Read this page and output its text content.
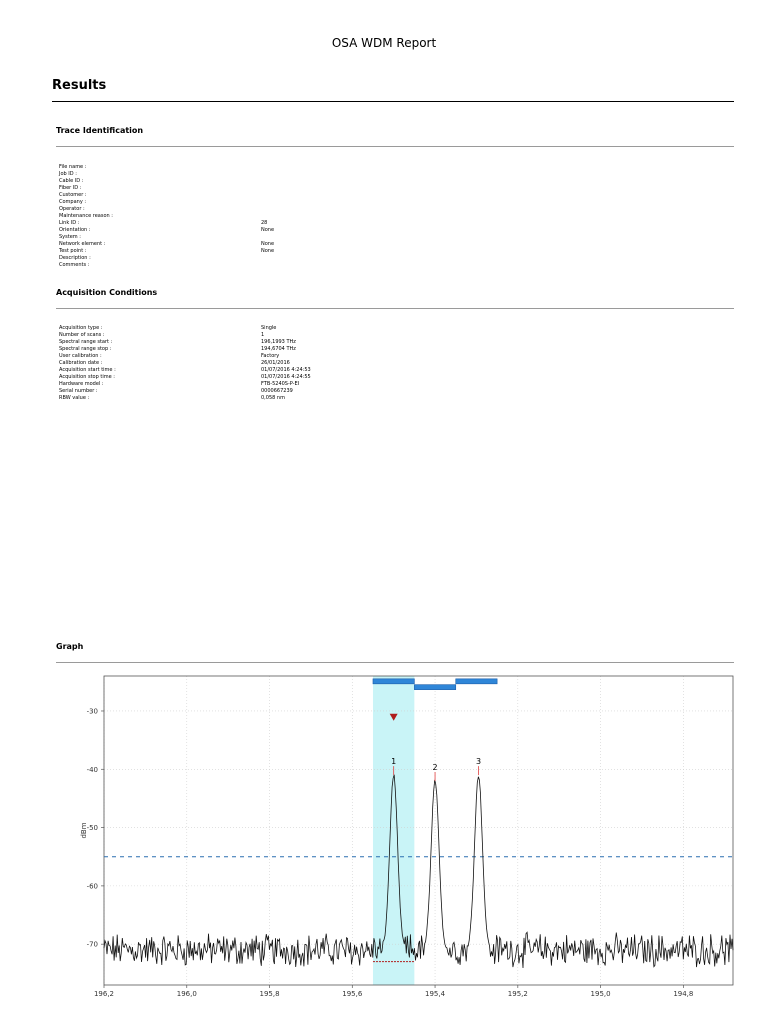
OSA WDM Report
Results
Trace Identification
File name :
Job ID :
Cable ID :
Fiber ID :
Customer :
Company :
Operator :
Maintenance reason :
Link ID :	28
Orientation :	None
System :
Network element :	None
Test point :	None
Description :
Comments :
Acquisition Conditions
Acquisition type :	Single
Number of scans :	1
Spectral range start :	196,1993 THz
Spectral range stop :	194,6704 THz
User calibration :	Factory
Calibration date :	26/01/2016
Acquisition start time :	01/07/2016 4:24:53
Acquisition stop time :	01/07/2016 4:24:55
Hardware model :	FTB-5240S-P-EI
Serial number :	0000667239
RBW value :	0,058 nm
Graph
196,2	196,0	195,8	195,6	195,4	195,2	195,0	194,8
-30
-40
-50
-60
-70
dBm
1
2
3
